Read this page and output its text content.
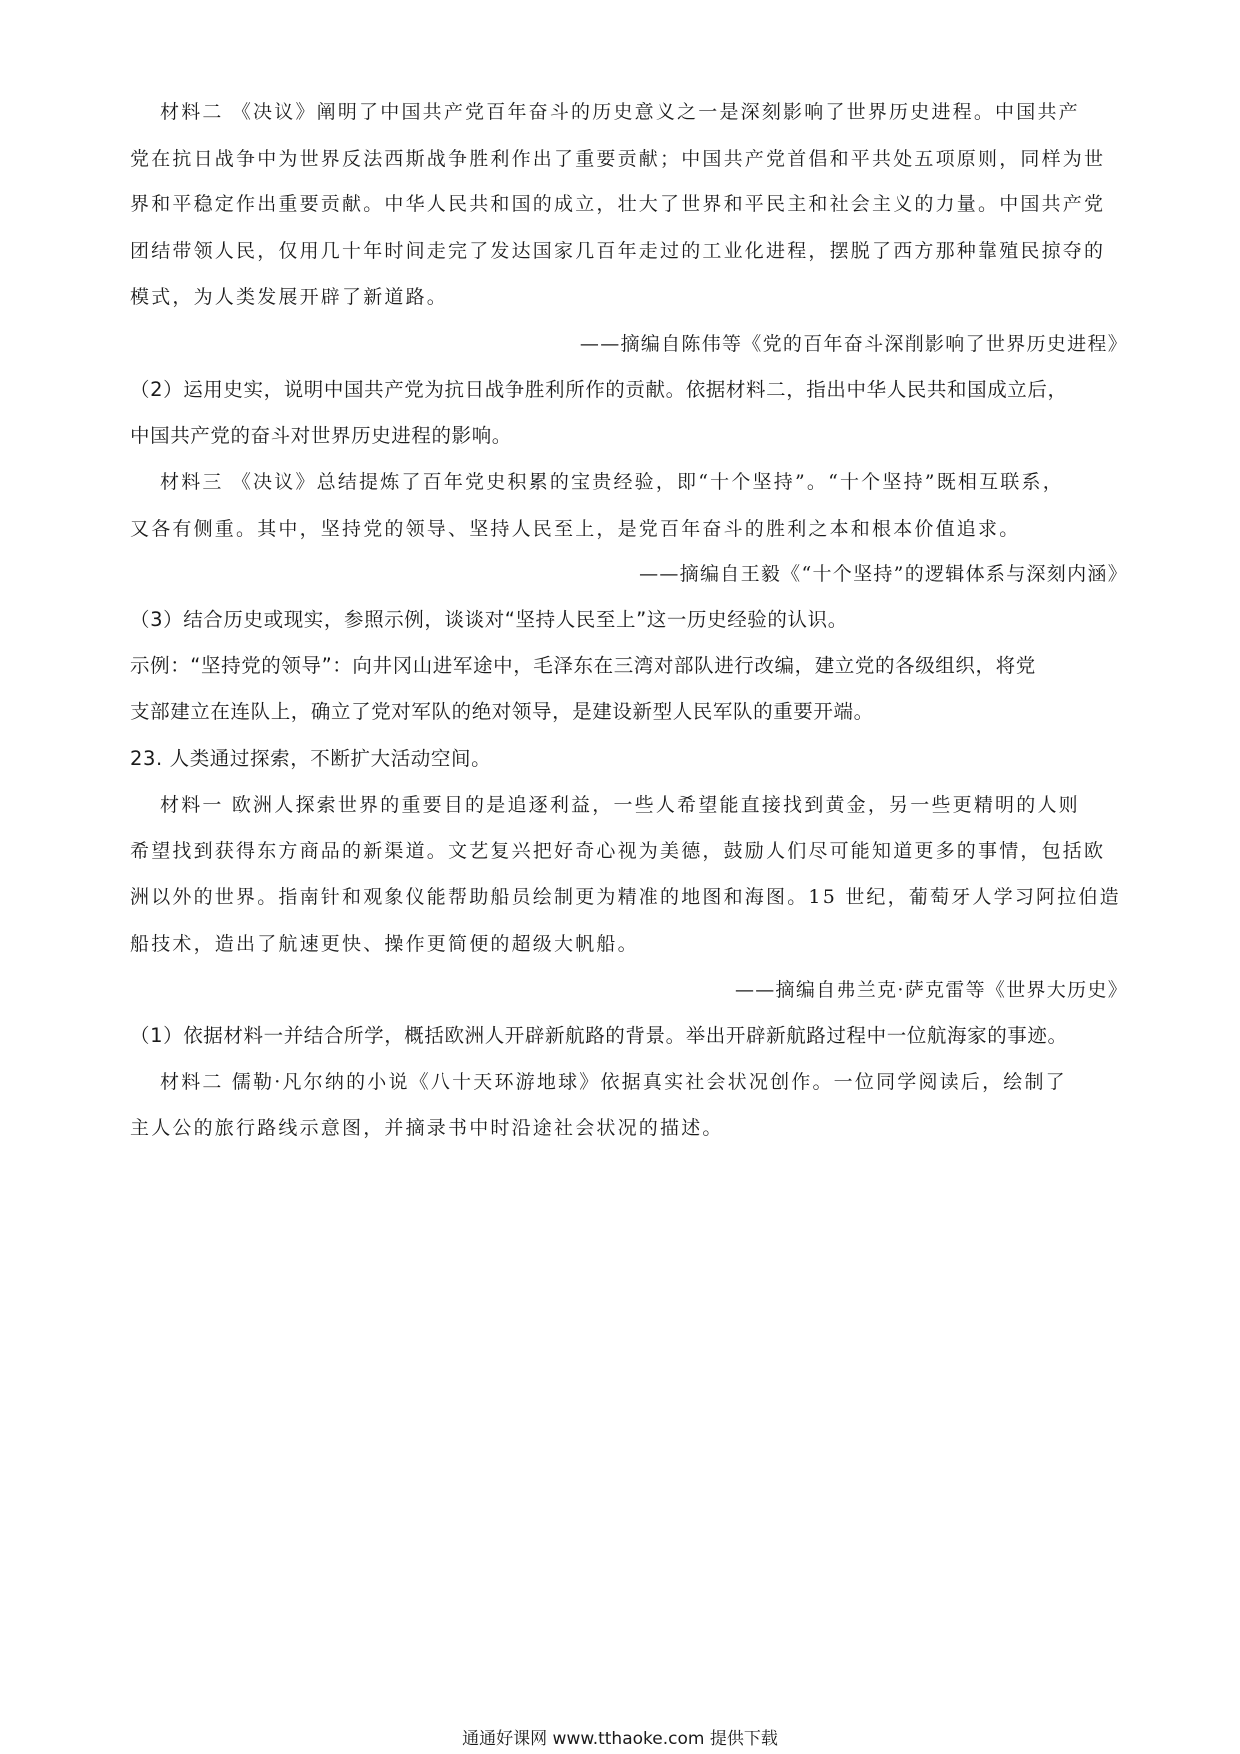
材料二 《决议》阐明了中国共产党百年奋斗的历史意义之一是深刻影响了世界历史进程。中国共产
党在抗日战争中为世界反法西斯战争胜利作出了重要贡献；中国共产党首倡和平共处五项原则，同样为世
界和平稳定作出重要贡献。中华人民共和国的成立，壮大了世界和平民主和社会主义的力量。中国共产党
团结带领人民，仅用几十年时间走完了发达国家几百年走过的工业化进程，摆脱了西方那种靠殖民掠夺的
模式，为人类发展开辟了新道路。
——摘编自陈伟等《党的百年奋斗深削影响了世界历史进程》
（2）运用史实，说明中国共产党为抗日战争胜利所作的贡献。依据材料二，指出中华人民共和国成立后，
中国共产党的奋斗对世界历史进程的影响。
材料三 《决议》总结提炼了百年党史积累的宝贵经验，即“十个坚持”。“十个坚持”既相互联系，
又各有侧重。其中，坚持党的领导、坚持人民至上，是党百年奋斗的胜利之本和根本价值追求。
——摘编自王毅《“十个坚持”的逻辑体系与深刻内涵》
（3）结合历史或现实，参照示例，谈谈对“坚持人民至上”这一历史经验的认识。
示例：“坚持党的领导”：向井冈山进军途中，毛泽东在三湾对部队进行改编，建立党的各级组织，将党
支部建立在连队上，确立了党对军队的绝对领导，是建设新型人民军队的重要开端。
23. 人类通过探索，不断扩大活动空间。
材料一 欧洲人探索世界的重要目的是追逐利益，一些人希望能直接找到黄金，另一些更精明的人则
希望找到获得东方商品的新渠道。文艺复兴把好奇心视为美德，鼓励人们尽可能知道更多的事情，包括欧
洲以外的世界。指南针和观象仪能帮助船员绘制更为精准的地图和海图。15 世纪，葡萄牙人学习阿拉伯造
船技术，造出了航速更快、操作更简便的超级大帆船。
——摘编自弗兰克·萨克雷等《世界大历史》
（1）依据材料一并结合所学，概括欧洲人开辟新航路的背景。举出开辟新航路过程中一位航海家的事迹。
材料二 儒勒·凡尔纳的小说《八十天环游地球》依据真实社会状况创作。一位同学阅读后，绘制了
主人公的旅行路线示意图，并摘录书中时沿途社会状况的描述。
通通好课网 www.tthaoke.com 提供下载
